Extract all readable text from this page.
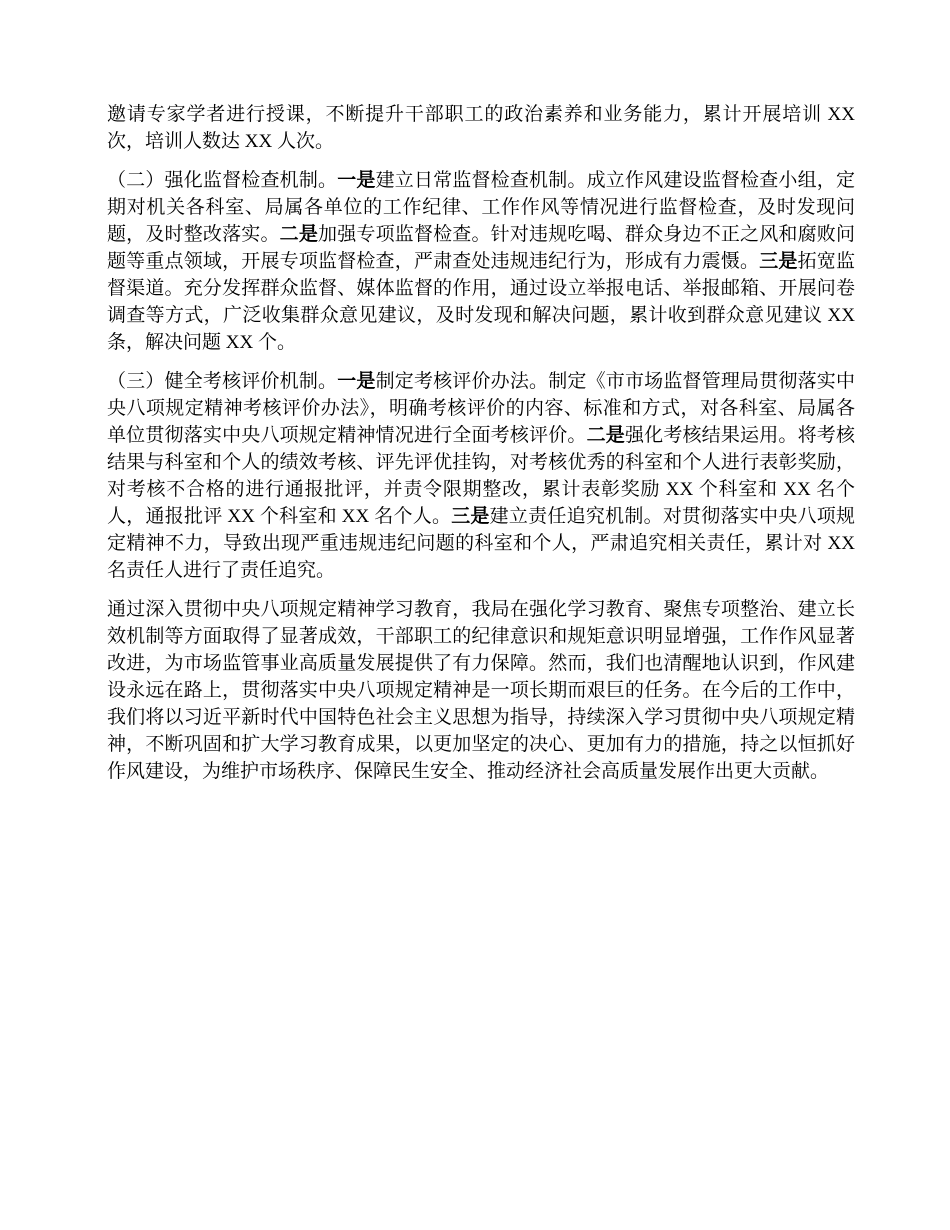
邀请专家学者进行授课，不断提升干部职工的政治素养和业务能力，累计开展培训 XX 次，培训人数达 XX 人次。

（二）强化监督检查机制。一是建立日常监督检查机制。成立作风建设监督检查小组，定期对机关各科室、局属各单位的工作纪律、工作作风等情况进行监督检查，及时发现问题，及时整改落实。二是加强专项监督检查。针对违规吃喝、群众身边不正之风和腐败问题等重点领域，开展专项监督检查，严肃查处违规违纪行为，形成有力震慑。三是拓宽监督渠道。充分发挥群众监督、媒体监督的作用，通过设立举报电话、举报邮箱、开展问卷调查等方式，广泛收集群众意见建议，及时发现和解决问题，累计收到群众意见建议 XX 条，解决问题 XX 个。

（三）健全考核评价机制。一是制定考核评价办法。制定《市市场监督管理局贯彻落实中央八项规定精神考核评价办法》，明确考核评价的内容、标准和方式，对各科室、局属各单位贯彻落实中央八项规定精神情况进行全面考核评价。二是强化考核结果运用。将考核结果与科室和个人的绩效考核、评先评优挂钩，对考核优秀的科室和个人进行表彰奖励，对考核不合格的进行通报批评，并责令限期整改，累计表彰奖励 XX 个科室和 XX 名个人，通报批评 XX 个科室和 XX 名个人。三是建立责任追究机制。对贯彻落实中央八项规定精神不力，导致出现严重违规违纪问题的科室和个人，严肃追究相关责任，累计对 XX 名责任人进行了责任追究。

通过深入贯彻中央八项规定精神学习教育，我局在强化学习教育、聚焦专项整治、建立长效机制等方面取得了显著成效，干部职工的纪律意识和规矩意识明显增强，工作作风显著改进，为市场监管事业高质量发展提供了有力保障。然而，我们也清醒地认识到，作风建设永远在路上，贯彻落实中央八项规定精神是一项长期而艰巨的任务。在今后的工作中，我们将以习近平新时代中国特色社会主义思想为指导，持续深入学习贯彻中央八项规定精神，不断巩固和扩大学习教育成果，以更加坚定的决心、更加有力的措施，持之以恒抓好作风建设，为维护市场秩序、保障民生安全、推动经济社会高质量发展作出更大贡献。
